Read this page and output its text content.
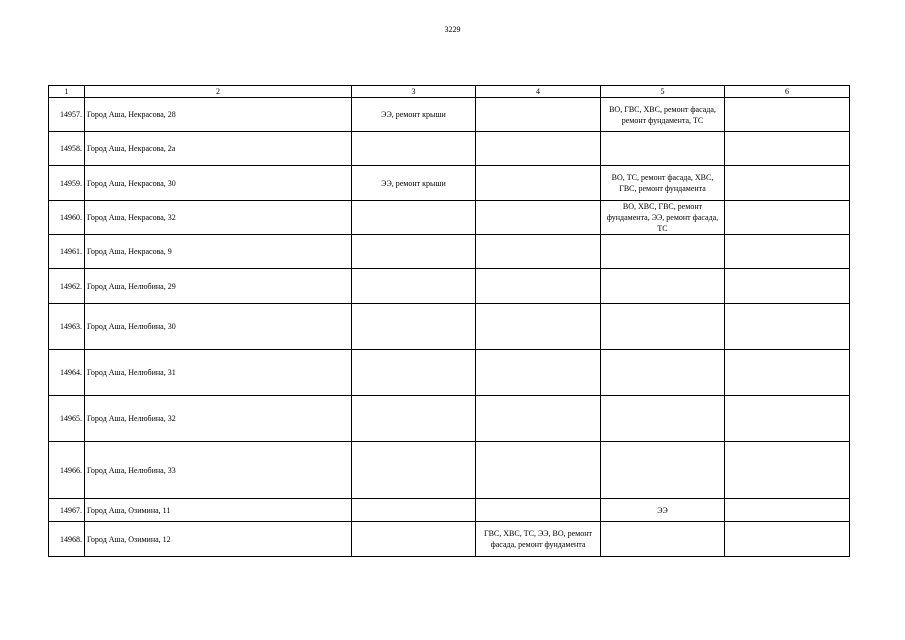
3229
1	2	3	4	5	6
14957.	Город Аша, Некрасова, 28	ЭЭ, ремонт крыши		ВО, ГВС, ХВС, ремонт фасада, ремонт фундамента, ТС	
14958.	Город Аша, Некрасова, 2а				
14959.	Город Аша, Некрасова, 30	ЭЭ, ремонт крыши		ВО, ТС, ремонт фасада, ХВС, ГВС, ремонт фундамента	
14960.	Город Аша, Некрасова, 32			ВО, ХВС, ГВС, ремонт фундамента, ЭЭ, ремонт фасада, ТС	
14961.	Город Аша, Некрасова, 9				
14962.	Город Аша, Нелюбина, 29				
14963.	Город Аша, Нелюбина, 30				
14964.	Город Аша, Нелюбина, 31				
14965.	Город Аша, Нелюбина, 32				
14966.	Город Аша, Нелюбина, 33				
14967.	Город Аша, Озимина, 11			ЭЭ	
14968.	Город Аша, Озимина, 12		ГВС, ХВС, ТС, ЭЭ, ВО, ремонт фасада, ремонт фундамента		
